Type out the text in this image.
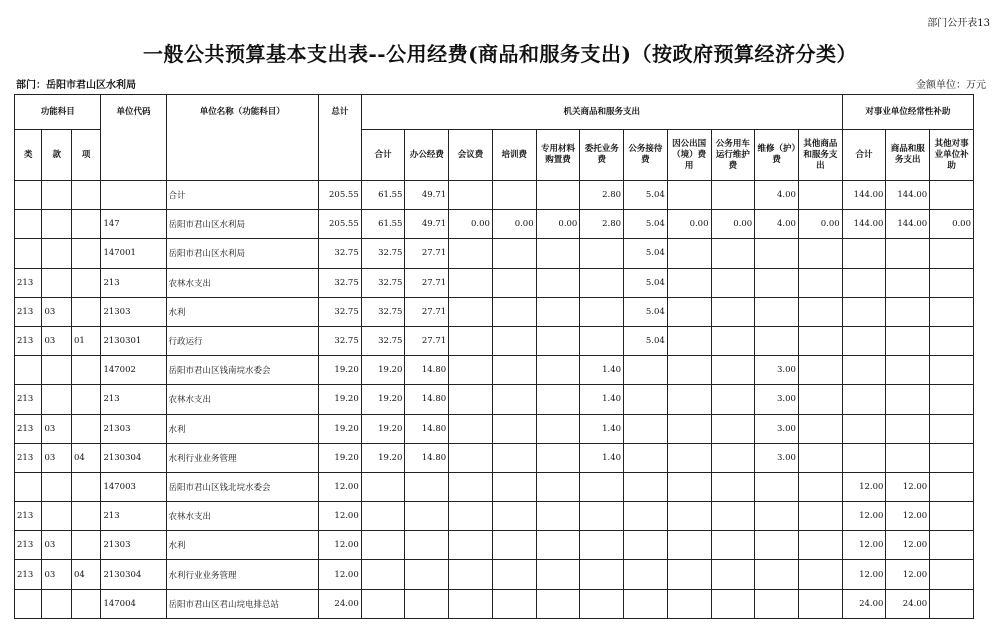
部门公开表13
一般公共预算基本支出表--公用经费(商品和服务支出)（按政府预算经济分类）
部门：岳阳市君山区水利局	金额单位：万元
功能科目			单位代码	单位名称（功能科目）	总计	机关商品和服务支出											对事业单位经常性补助		
类	款	项				合计	办公经费	会议费	培训费	专用材料购置费	委托业务费	公务接待费	因公出国（境）费用	公务用车运行维护费	维修（护）费	其他商品和服务支出	合计	商品和服务支出	其他对事业单位补助
				合计	205.55	61.55	49.71				2.80	5.04			4.00		144.00	144.00	
			147	岳阳市君山区水利局	205.55	61.55	49.71	0.00	0.00	0.00	2.80	5.04	0.00	0.00	4.00	0.00	144.00	144.00	0.00
			147001	岳阳市君山区水利局	32.75	32.75	27.71					5.04							
213			213	农林水支出	32.75	32.75	27.71					5.04							
213	03		21303	水利	32.75	32.75	27.71					5.04							
213	03	01	2130301	行政运行	32.75	32.75	27.71					5.04							
			147002	岳阳市君山区钱南垸水委会	19.20	19.20	14.80				1.40				3.00				
213			213	农林水支出	19.20	19.20	14.80				1.40				3.00				
213	03		21303	水利	19.20	19.20	14.80				1.40				3.00				
213	03	04	2130304	水利行业业务管理	19.20	19.20	14.80				1.40				3.00				
			147003	岳阳市君山区钱北垸水委会	12.00												12.00	12.00	
213			213	农林水支出	12.00												12.00	12.00	
213	03		21303	水利	12.00												12.00	12.00	
213	03	04	2130304	水利行业业务管理	12.00												12.00	12.00	
			147004	岳阳市君山区君山垸电排总站	24.00												24.00	24.00	
